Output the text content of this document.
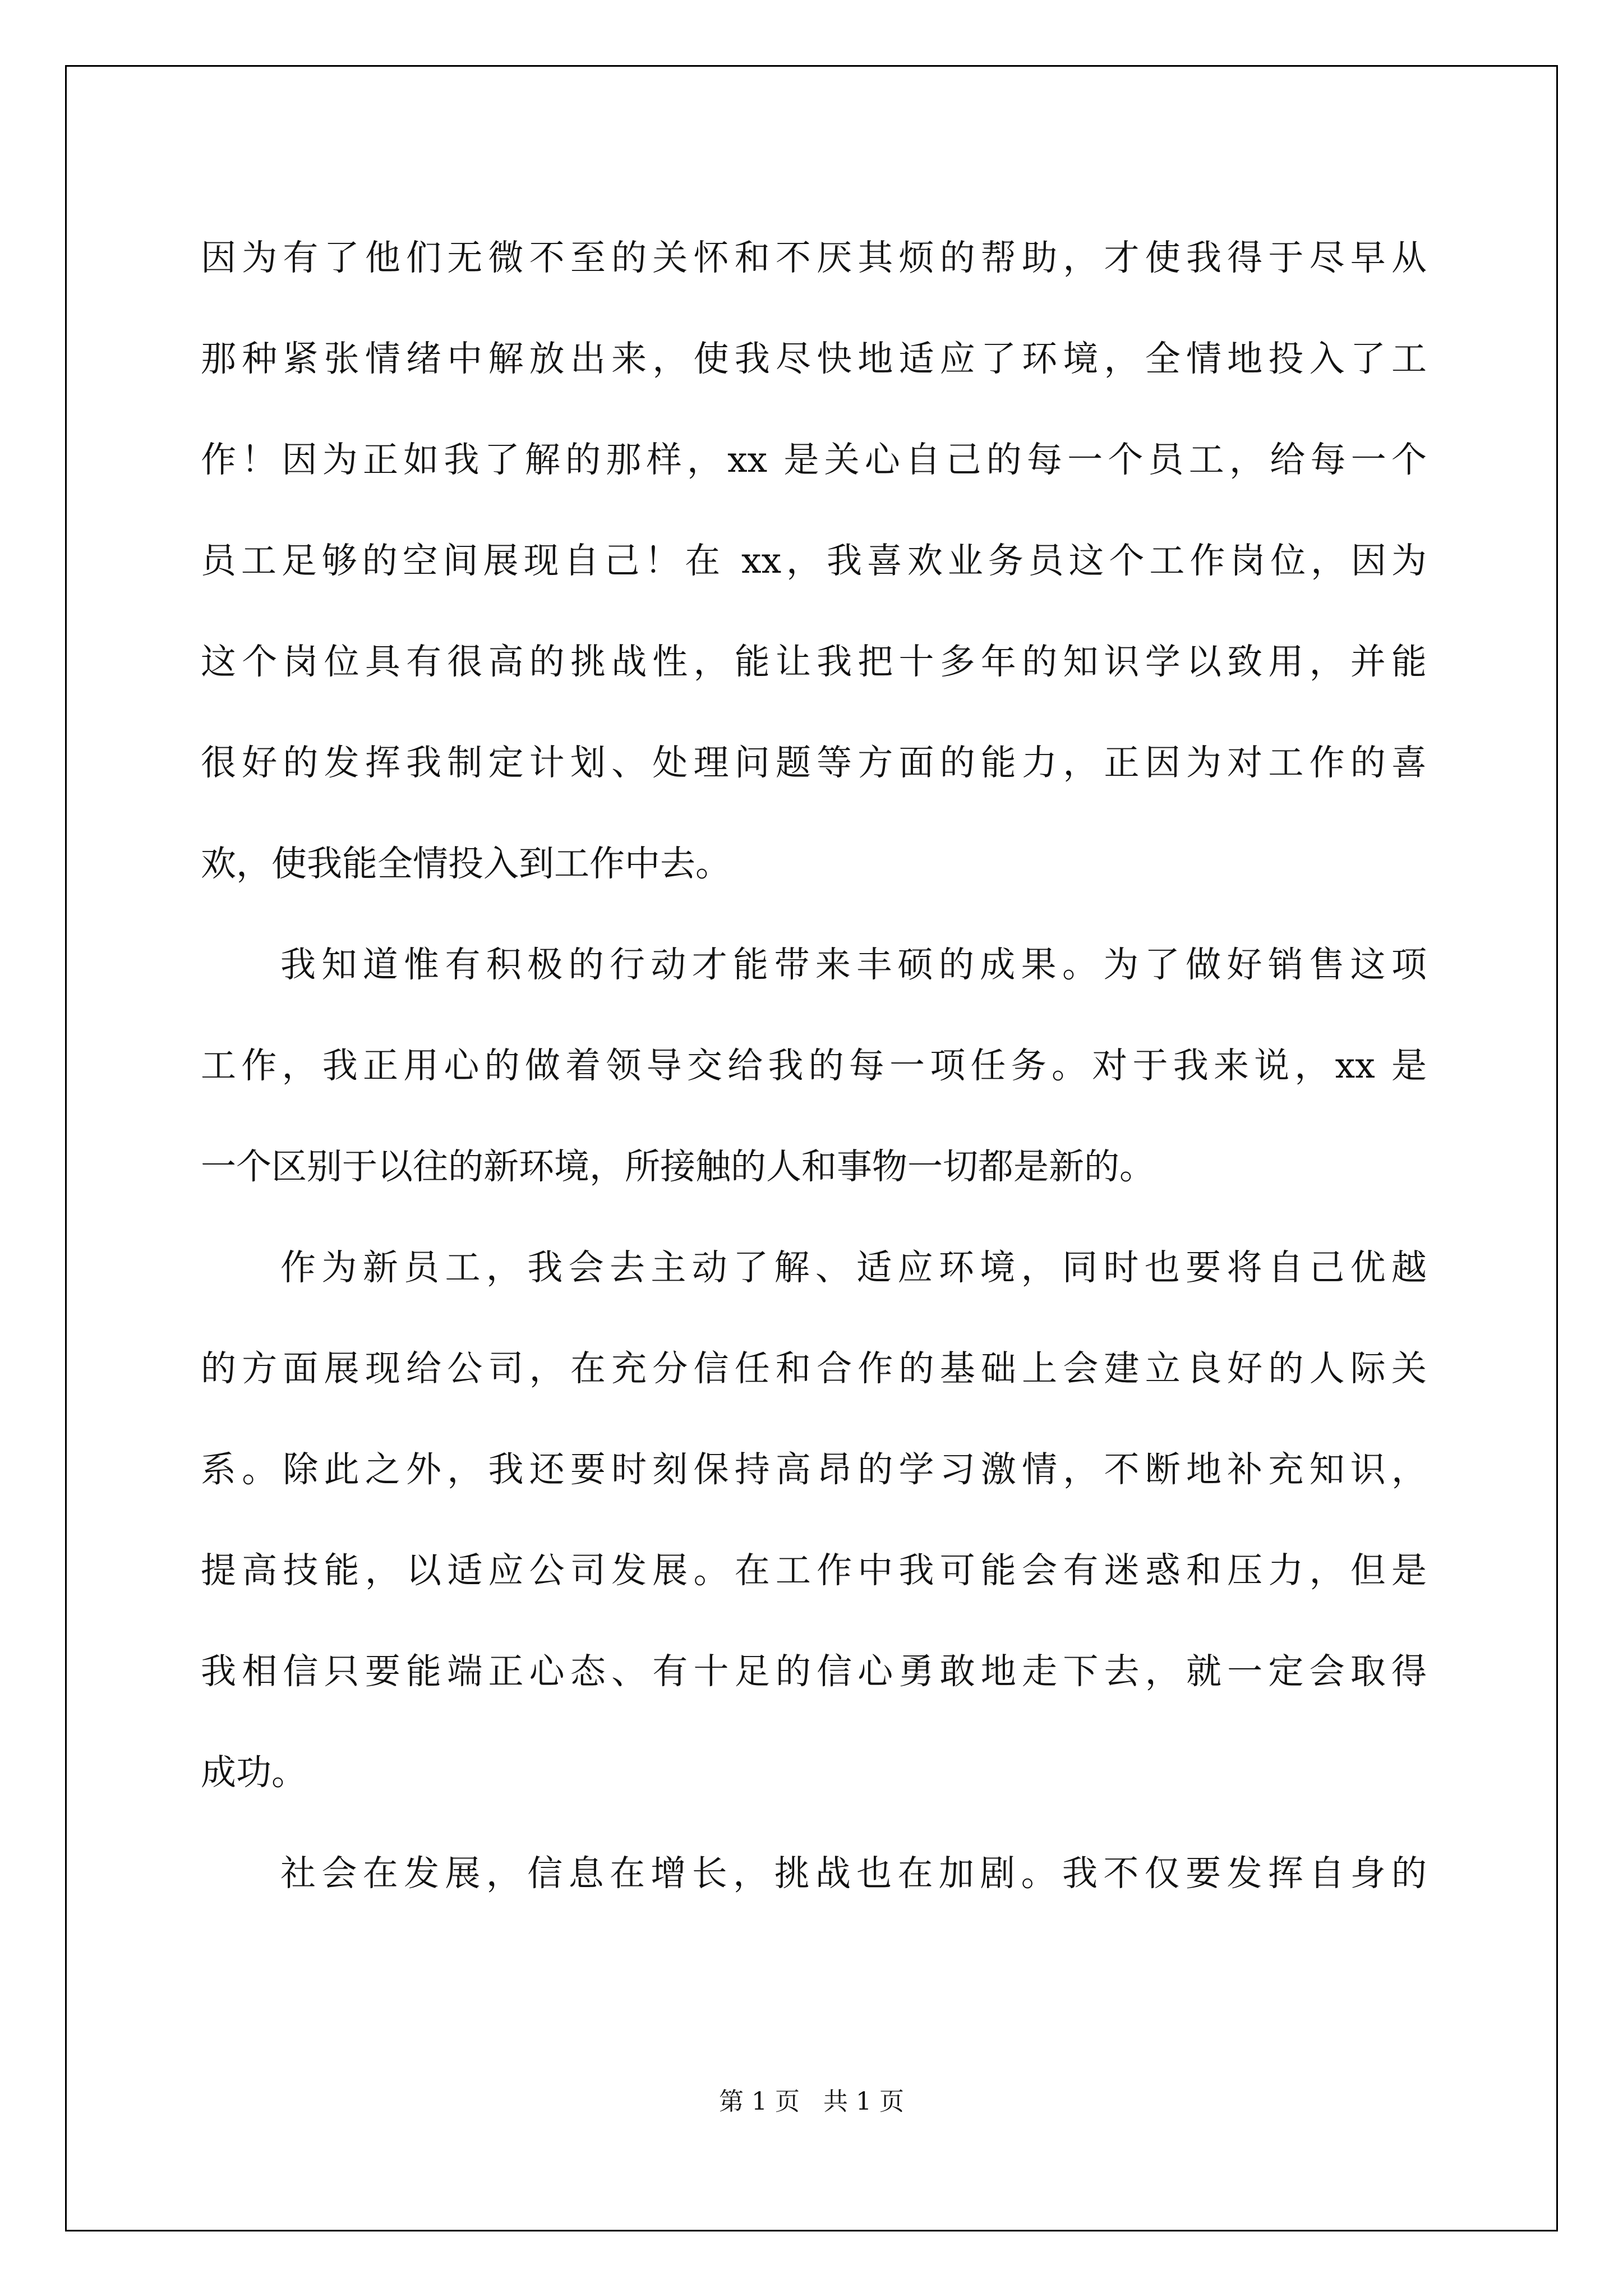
因为有了他们无微不至的关怀和不厌其烦的帮助，才使我得于尽早从
那种紧张情绪中解放出来，使我尽快地适应了环境，全情地投入了工
作！因为正如我了解的那样，xx 是关心自己的每一个员工，给每一个
员工足够的空间展现自己！在 xx，我喜欢业务员这个工作岗位，因为
这个岗位具有很高的挑战性，能让我把十多年的知识学以致用，并能
很好的发挥我制定计划、处理问题等方面的能力，正因为对工作的喜
欢，使我能全情投入到工作中去。
我知道惟有积极的行动才能带来丰硕的成果。为了做好销售这项
工作，我正用心的做着领导交给我的每一项任务。对于我来说，xx 是
一个区别于以往的新环境，所接触的人和事物一切都是新的。
作为新员工，我会去主动了解、适应环境，同时也要将自己优越
的方面展现给公司，在充分信任和合作的基础上会建立良好的人际关
系。除此之外，我还要时刻保持高昂的学习激情，不断地补充知识，
提高技能，以适应公司发展。在工作中我可能会有迷惑和压力，但是
我相信只要能端正心态、有十足的信心勇敢地走下去，就一定会取得
成功。
社会在发展，信息在增长，挑战也在加剧。我不仅要发挥自身的
第 1 页   共 1 页
